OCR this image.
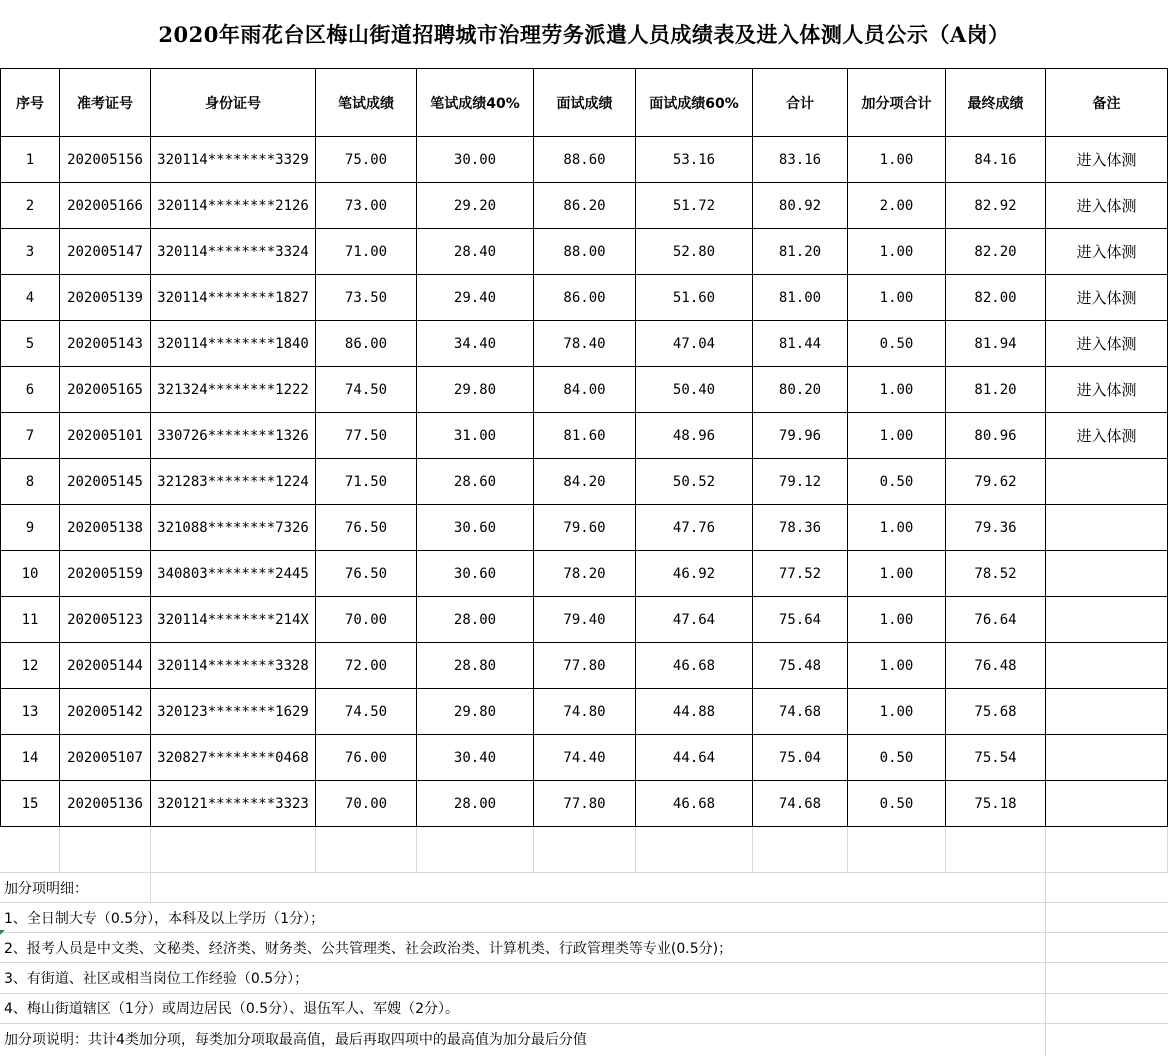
2020年雨花台区梅山街道招聘城市治理劳务派遣人员成绩表及进入体测人员公示（A岗）
序号	准考证号	身份证号	笔试成绩	笔试成绩40%	面试成绩	面试成绩60%	合计	加分项合计	最终成绩	备注
1	202005156	320114********3329	75.00	30.00	88.60	53.16	83.16	1.00	84.16	进入体测
2	202005166	320114********2126	73.00	29.20	86.20	51.72	80.92	2.00	82.92	进入体测
3	202005147	320114********3324	71.00	28.40	88.00	52.80	81.20	1.00	82.20	进入体测
4	202005139	320114********1827	73.50	29.40	86.00	51.60	81.00	1.00	82.00	进入体测
5	202005143	320114********1840	86.00	34.40	78.40	47.04	81.44	0.50	81.94	进入体测
6	202005165	321324********1222	74.50	29.80	84.00	50.40	80.20	1.00	81.20	进入体测
7	202005101	330726********1326	77.50	31.00	81.60	48.96	79.96	1.00	80.96	进入体测
8	202005145	321283********1224	71.50	28.60	84.20	50.52	79.12	0.50	79.62	
9	202005138	321088********7326	76.50	30.60	79.60	47.76	78.36	1.00	79.36	
10	202005159	340803********2445	76.50	30.60	78.20	46.92	77.52	1.00	78.52	
11	202005123	320114********214X	70.00	28.00	79.40	47.64	75.64	1.00	76.64	
12	202005144	320114********3328	72.00	28.80	77.80	46.68	75.48	1.00	76.48	
13	202005142	320123********1629	74.50	29.80	74.80	44.88	74.68	1.00	75.68	
14	202005107	320827********0468	76.00	30.40	74.40	44.64	75.04	0.50	75.54	
15	202005136	320121********3323	70.00	28.00	77.80	46.68	74.68	0.50	75.18	
加分项明细：
1、全日制大专（0.5分），本科及以上学历（1分）；
2、报考人员是中文类、文秘类、经济类、财务类、公共管理类、社会政治类、计算机类、行政管理类等专业(0.5分)；
3、有街道、社区或相当岗位工作经验（0.5分）；
4、梅山街道辖区（1分）或周边居民（0.5分）、退伍军人、军嫂（2分）。
加分项说明：共计4类加分项，每类加分项取最高值，最后再取四项中的最高值为加分最后分值
